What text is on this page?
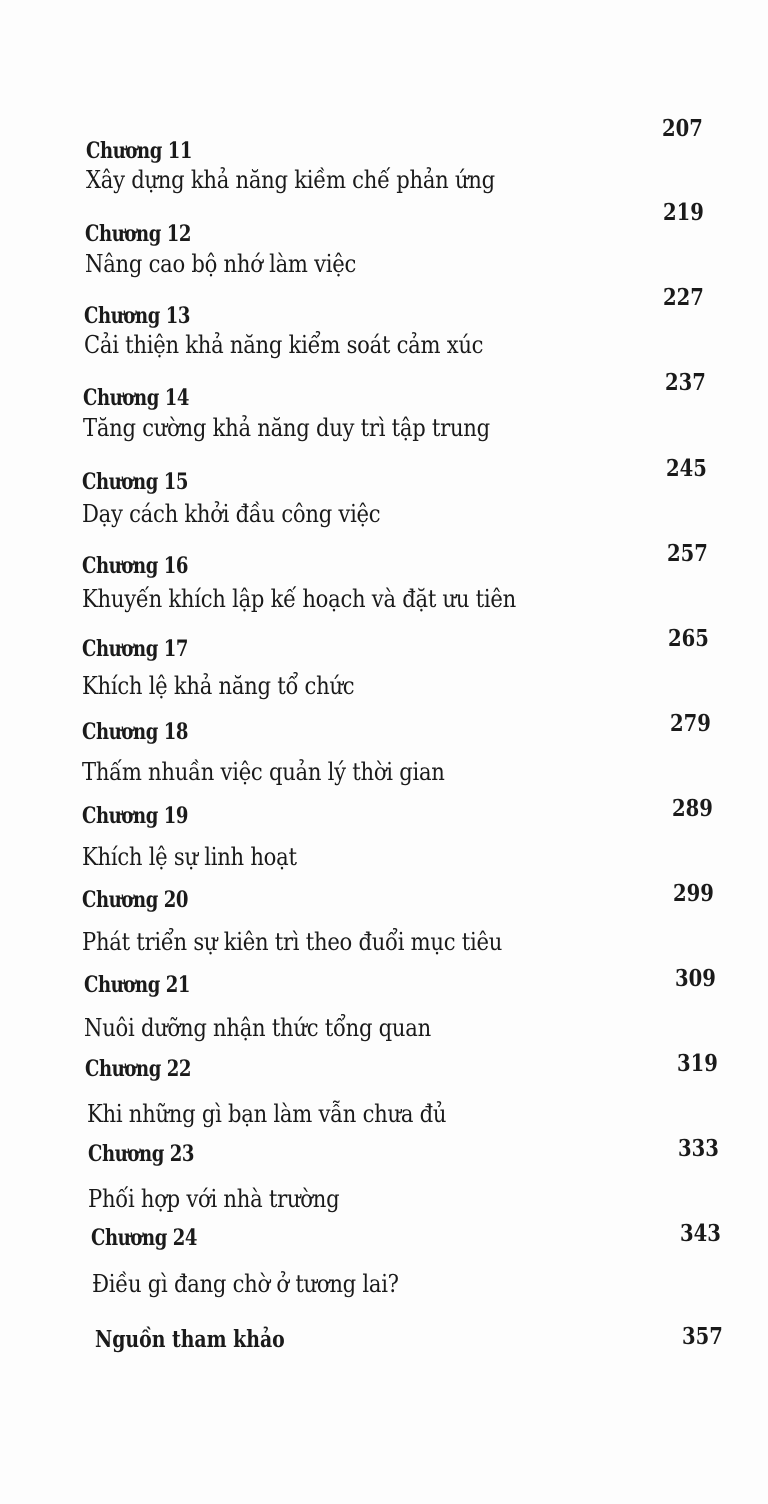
207
Chương 11
Xây dựng khả năng kiềm chế phản ứng
219
Chương 12
Nâng cao bộ nhớ làm việc
227
Chương 13
Cải thiện khả năng kiểm soát cảm xúc
237
Chương 14
Tăng cường khả năng duy trì tập trung
245
Chương 15
Dạy cách khởi đầu công việc
257
Chương 16
Khuyến khích lập kế hoạch và đặt ưu tiên
265
Chương 17
Khích lệ khả năng tổ chức
279
Chương 18
Thấm nhuần việc quản lý thời gian
289
Chương 19
Khích lệ sự linh hoạt
299
Chương 20
Phát triển sự kiên trì theo đuổi mục tiêu
309
Chương 21
Nuôi dưỡng nhận thức tổng quan
319
Chương 22
Khi những gì bạn làm vẫn chưa đủ
333
Chương 23
Phối hợp với nhà trường
343
Chương 24
Điều gì đang chờ ở tương lai?
Nguồn tham khảo	357
